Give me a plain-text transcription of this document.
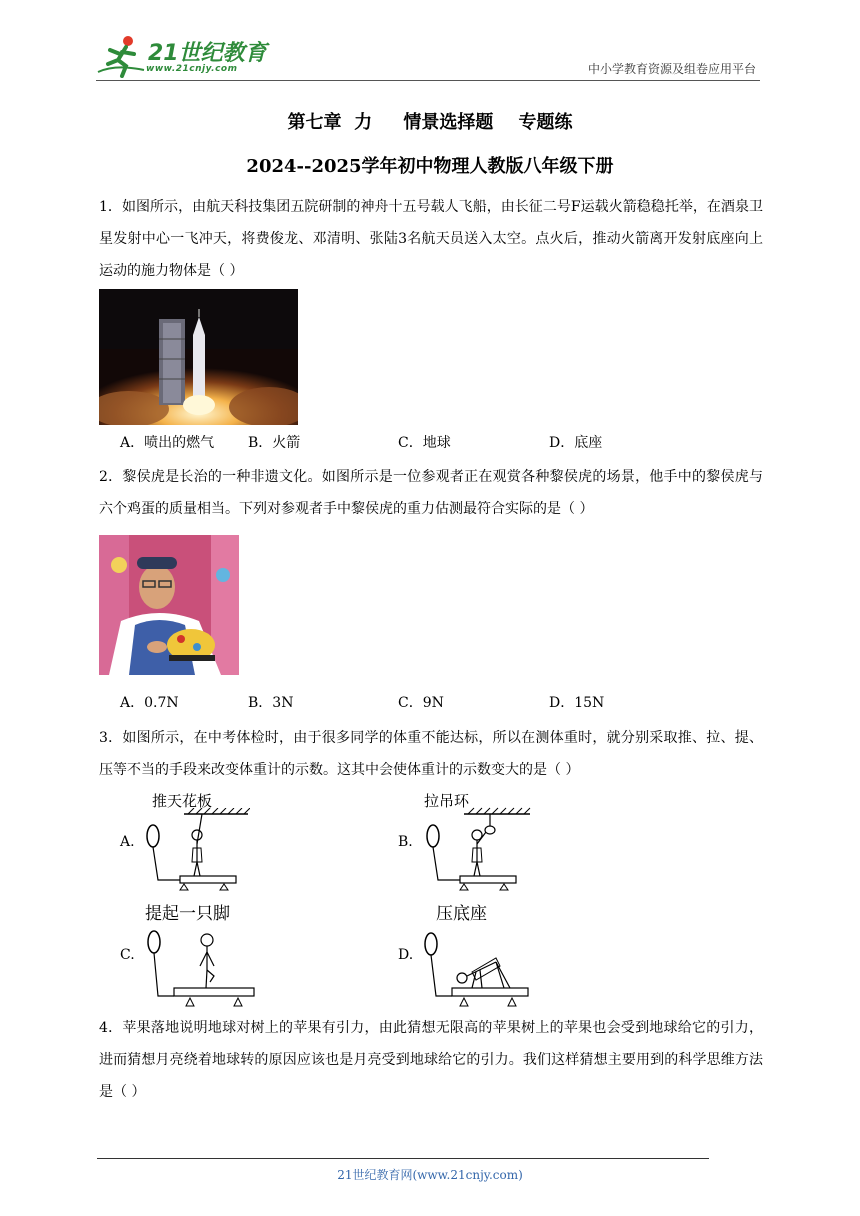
21世纪教育
www.21cnjy.com	中小学教育资源及组卷应用平台
第七章  力     情景选择题    专题练
2024--2025学年初中物理人教版八年级下册
1．如图所示，由航天科技集团五院研制的神舟十五号载人飞船，由长征二号F运载火箭稳稳托举，在酒泉卫星发射中心一飞冲天，将费俊龙、邓清明、张陆3名航天员送入太空。点火后，推动火箭离开发射底座向上运动的施力物体是（ ）
A．喷出的燃气 B．火箭	C．地球	D．底座
2．黎侯虎是长治的一种非遗文化。如图所示是一位参观者正在观赏各种黎侯虎的场景，他手中的黎侯虎与六个鸡蛋的质量相当。下列对参观者手中黎侯虎的重力估测最符合实际的是（ ）
A．0.7N	B．3N	C．9N	D．15N
3．如图所示，在中考体检时，由于很多同学的体重不能达标，所以在测体重时，就分别采取推、拉、提、压等不当的手段来改变体重计的示数。这其中会使体重计的示数变大的是（ ）
推天花板
A.
拉吊环
B.
提起一只脚
C.
压底座
D.
4．苹果落地说明地球对树上的苹果有引力，由此猜想无限高的苹果树上的苹果也会受到地球给它的引力，进而猜想月亮绕着地球转的原因应该也是月亮受到地球给它的引力。我们这样猜想主要用到的科学思维方法是（ ）
21世纪教育网(www.21cnjy.com)
